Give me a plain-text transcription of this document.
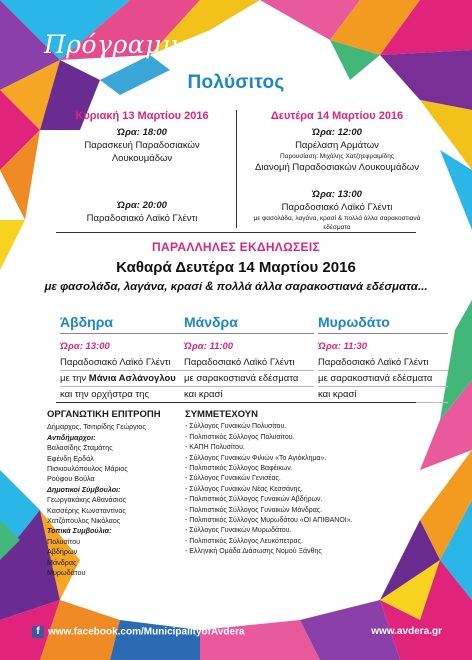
Πρόγραμμα
Πολύσιτος
Κυριακή 13 Μαρτίου 2016
Ώρα: 18:00
Παρασκευή Παραδοσιακών
Λουκουμάδων
Ώρα: 20:00
Παραδοσιακό Λαϊκό Γλέντι
Δευτέρα 14 Μαρτίου 2016
Ώρα: 12:00
Παρέλαση Αρμάτων
Παρουσίαση: Μιχάλης Χατζηεφραιμίδης
Διανομή Παραδοσιακών Λουκουμάδων
Ώρα: 13:00
Παραδοσιακό Λαϊκό Γλέντι
με φασολάδα, λαγάνα, κρασί & πολλά άλλα σαρακοστιανά εδέσματα
ΠΑΡΑΛΛΗΛΕΣ ΕΚΔΗΛΩΣΕΙΣ
Καθαρά Δευτέρα 14 Μαρτίου 2016
με φασολάδα, λαγάνα, κρασί & πολλά άλλα σαρακοστιανά εδέσματα...
Άβδηρα
Ώρα: 13:00
Παραδοσιακό Λαϊκό Γλέντι
με την Μάνια Ασλάνογλου
και την ορχήστρα της
Μάνδρα
Ώρα: 11:00
Παραδοσιακό Λαϊκό Γλέντι
με σαρακοστιανά εδέσματα
και κρασί
Μυρωδάτο
Ώρα: 11:30
Παραδοσιακό Λαϊκό Γλέντι
με σαρακοστιανά εδέσματα
και κρασί
ΟΡΓΑΝΩΤΙΚΗ ΕΠΙΤΡΟΠΗ
Δήμαρχος, Τσιτιρίδης Γεώργιος
Αντιδήμαρχοι:
Βαλασίδης Σταμάτης
Εφένδη Ερδάλ
Πισκιουλόπουλος Μάριος
Ρούφου Βούλα
Δημοτικοί Σύμβουλοι:
Γεωργακάκης Αθανάσιος
Κασσέρης Κωνσταντίνος
Χατζόπουλος Νικόλαος
Τοπικά Συμβούλια:
Πολυσίτου
Αβδήρων
Μάνδρας
Μυρωδάτου
ΣΥΜΜΕΤΕΧΟΥΝ
- Σύλλογος Γυναικών Πολυσίτου.
- Πολιτιστικός Σύλλογος Πολυσίτου.
- ΚΑΠΗ Πολυσίτου.
- Σύλλογος Γυναικών Φιλιών «Το Αγιόκλημα».
- Πολιτιστικός Σύλλογος Βαφέικων.
- Σύλλογος Γυναικών Γενισέας.
- Σύλλογος Γυναικών Νέας Κεσσάνης.
- Πολιτιστικός Σύλλογος Γυναικών Αβδήρων.
- Πολιτιστικός Σύλλογος Γυναικών Μάνδρας.
- Πολιτιστικός Σύλλογος Μυρωδάτου «ΟΙ ΑΠΙΘΑΝΟΙ».
- Σύλλογος Γυναικών Μυρωδάτου.
- Πολιτιστικός Σύλλογος Λευκόπετρας.
- Ελληνική Ομάδα Διάσωσης Νομού Ξάνθης
f www.facebook.com/MunicipalityofAvdera	www.avdera.gr
